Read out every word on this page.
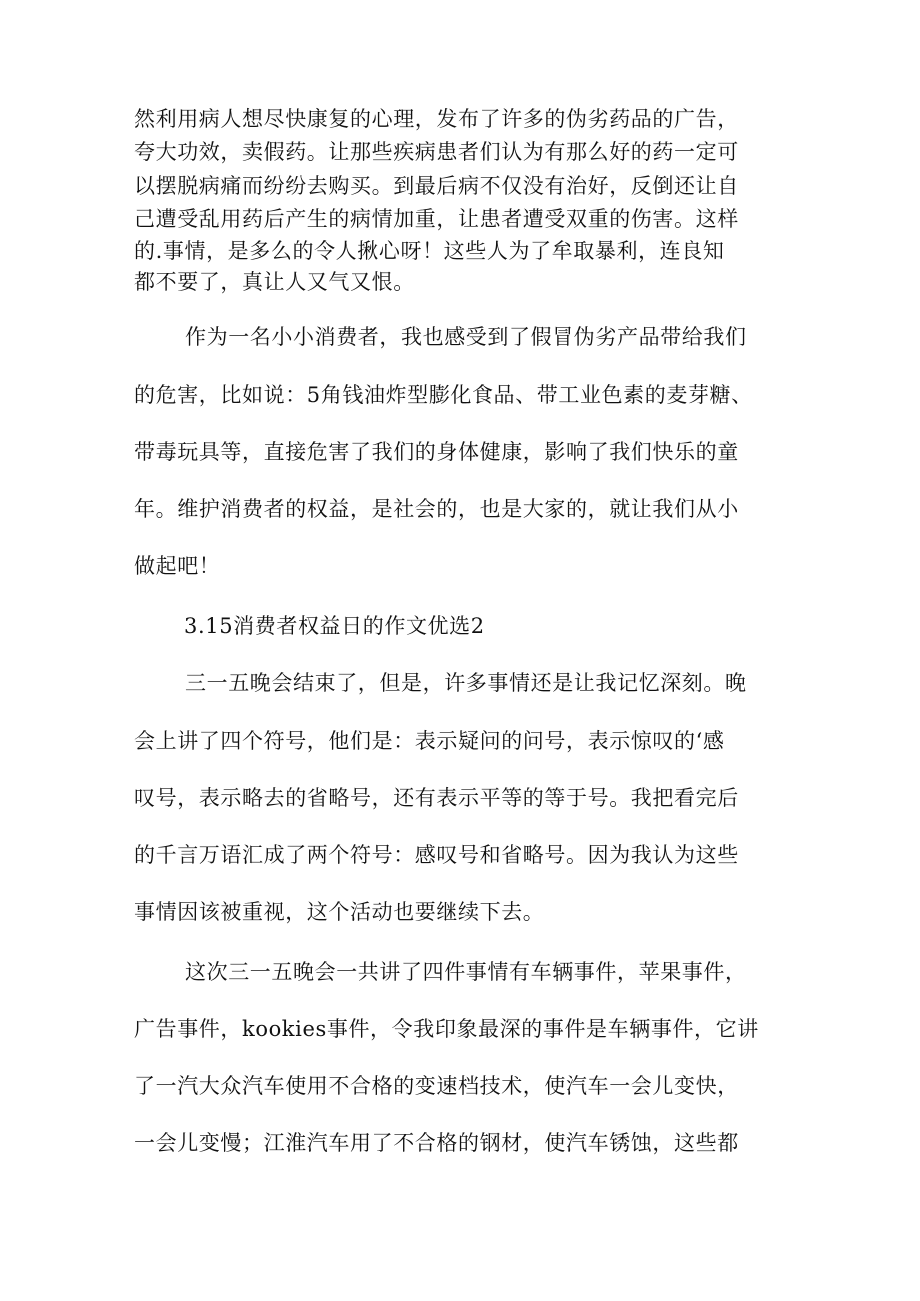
然利用病人想尽快康复的心理，发布了许多的伪劣药品的广告，
夸大功效，卖假药。让那些疾病患者们认为有那么好的药一定可
以摆脱病痛而纷纷去购买。到最后病不仅没有治好，反倒还让自
己遭受乱用药后产生的病情加重，让患者遭受双重的伤害。这样
的.事情，是多么的令人揪心呀！这些人为了牟取暴利，连良知
都不要了，真让人又气又恨。
作为一名小小消费者，我也感受到了假冒伪劣产品带给我们
的危害，比如说：5角钱油炸型膨化食品、带工业色素的麦芽糖、
带毒玩具等，直接危害了我们的身体健康，影响了我们快乐的童
年。维护消费者的权益，是社会的，也是大家的，就让我们从小
做起吧！
3.15消费者权益日的作文优选2
三一五晚会结束了，但是，许多事情还是让我记忆深刻。晚
会上讲了四个符号，他们是：表示疑问的问号，表示惊叹的‘感
叹号，表示略去的省略号，还有表示平等的等于号。我把看完后
的千言万语汇成了两个符号：感叹号和省略号。因为我认为这些
事情因该被重视，这个活动也要继续下去。
这次三一五晚会一共讲了四件事情有车辆事件，苹果事件，
广告事件，kookies事件，令我印象最深的事件是车辆事件，它讲
了一汽大众汽车使用不合格的变速档技术，使汽车一会儿变快，
一会儿变慢；江淮汽车用了不合格的钢材，使汽车锈蚀，这些都
